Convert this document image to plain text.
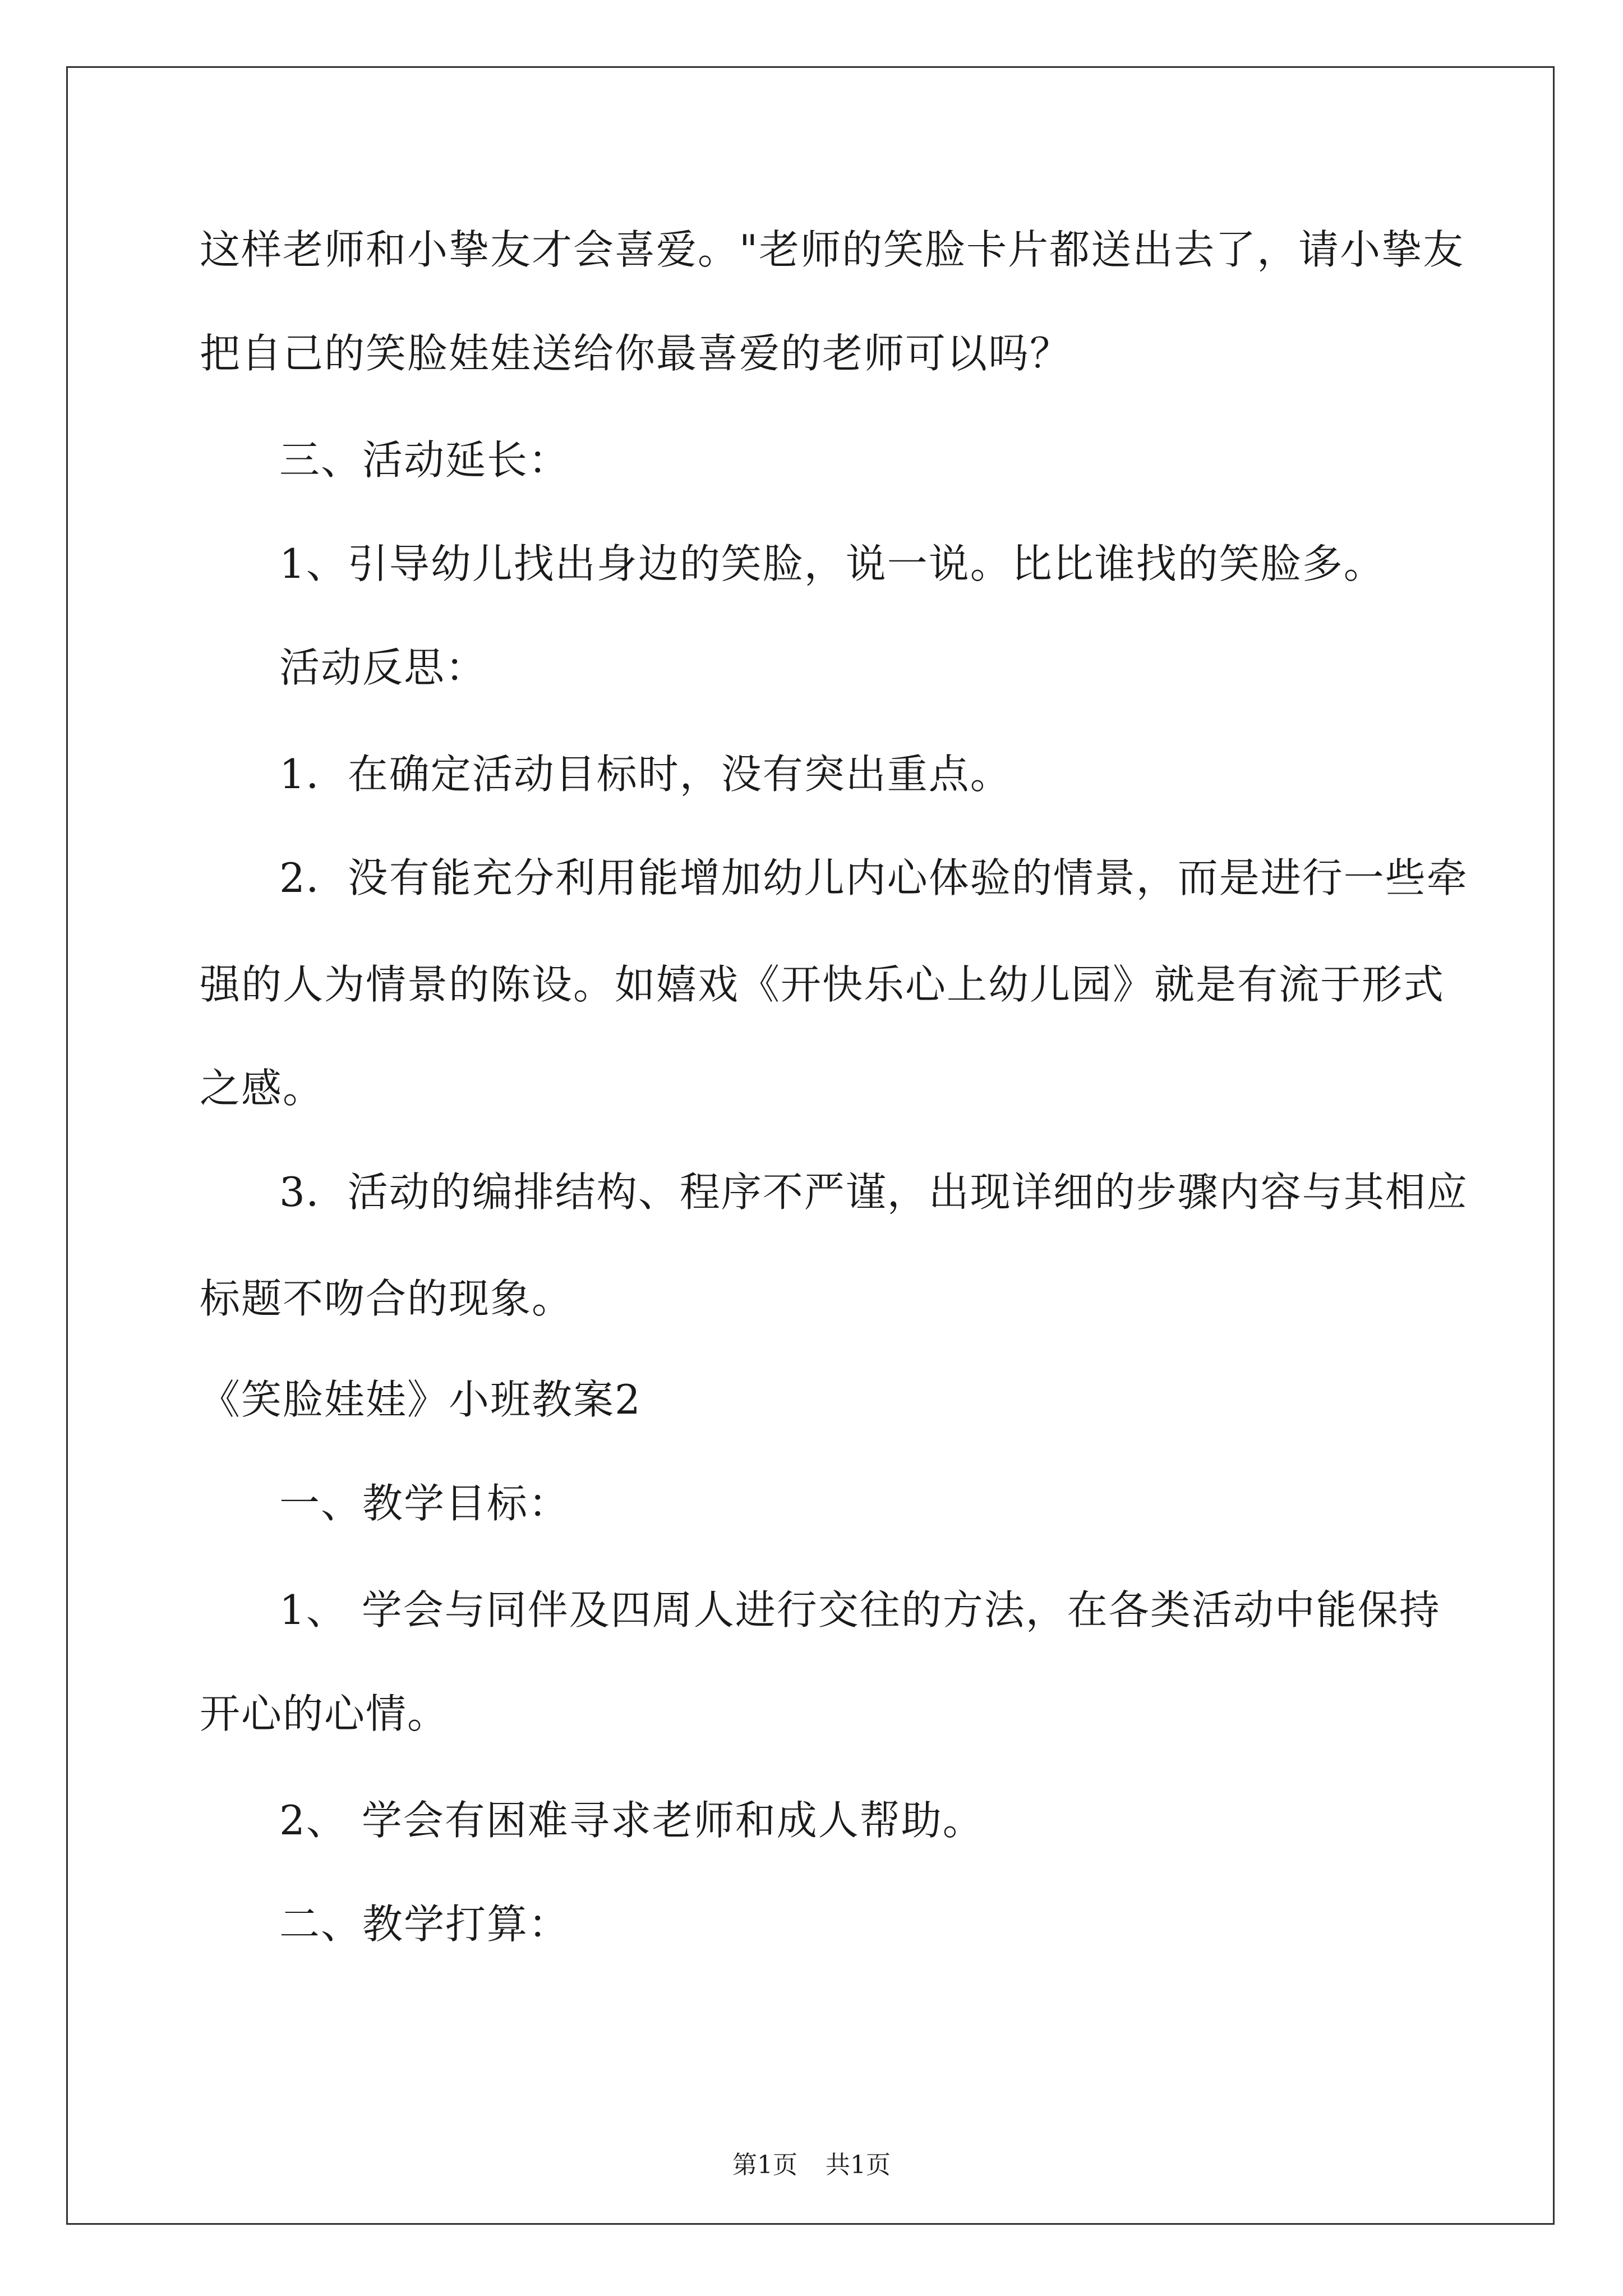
这样老师和小挚友才会喜爱。"老师的笑脸卡片都送出去了，请小挚友
把自己的笑脸娃娃送给你最喜爱的老师可以吗？
三、活动延长：
1、引导幼儿找出身边的笑脸，说一说。比比谁找的笑脸多。
活动反思：
1．在确定活动目标时，没有突出重点。
2．没有能充分利用能增加幼儿内心体验的情景，而是进行一些牵
强的人为情景的陈设。如嬉戏《开快乐心上幼儿园》就是有流于形式
之感。
3．活动的编排结构、程序不严谨，出现详细的步骤内容与其相应
标题不吻合的现象。
《笑脸娃娃》小班教案2
一、教学目标：
1、 学会与同伴及四周人进行交往的方法，在各类活动中能保持
开心的心情。
2、 学会有困难寻求老师和成人帮助。
二、教学打算：
第1页 共1页
